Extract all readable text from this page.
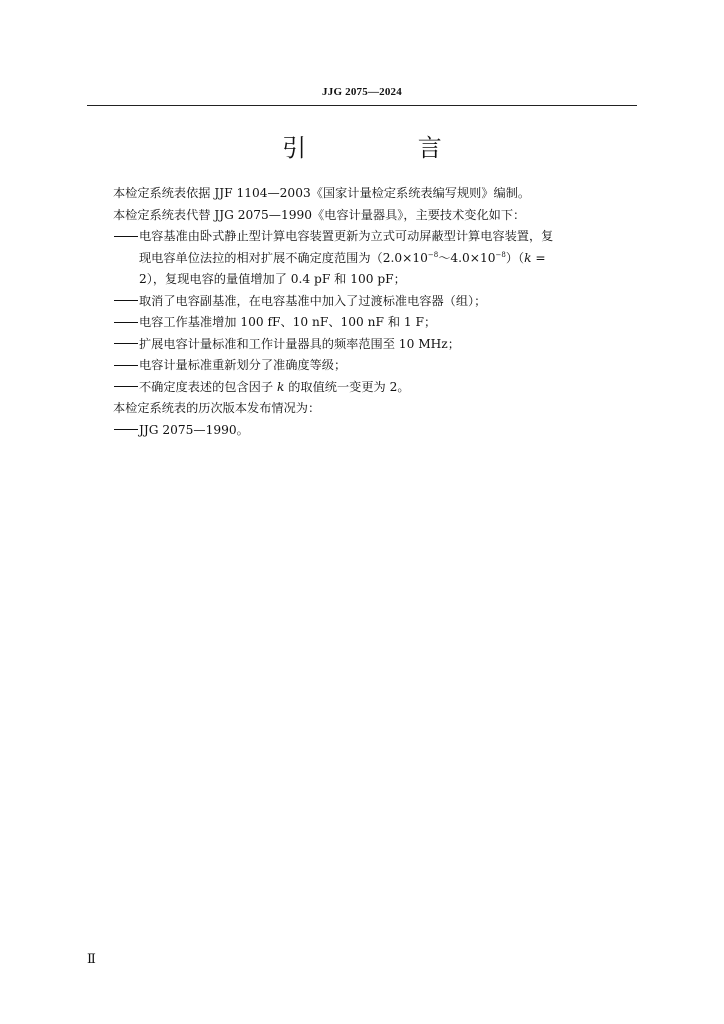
JJG 2075—2024
引 言
本检定系统表依据 JJF 1104—2003《国家计量检定系统表编写规则》编制。
本检定系统表代替 JJG 2075—1990《电容计量器具》，主要技术变化如下：
电容基准由卧式静止型计算电容装置更新为立式可动屏蔽型计算电容装置，复
现电容单位法拉的相对扩展不确定度范围为$(2.0\times 10^{-8}\sim 4.0\times 10^{-8})(k$ =
2），复现电容的量值增加了 0.4 pF 和 100 pF；
取消了电容副基准，在电容基准中加入了过渡标准电容器（组）；
电容工作基准增加 100 fF、10 nF、100 nF 和 1 F；
扩展电容计量标准和工作计量器具的频率范围至 10 MHz；
电容计量标准重新划分了准确度等级；
不确定度表述的包含因子 k 的取值统一变更为 2。
本检定系统表的历次版本发布情况为：
JJG 2075—1990。
Ⅱ
